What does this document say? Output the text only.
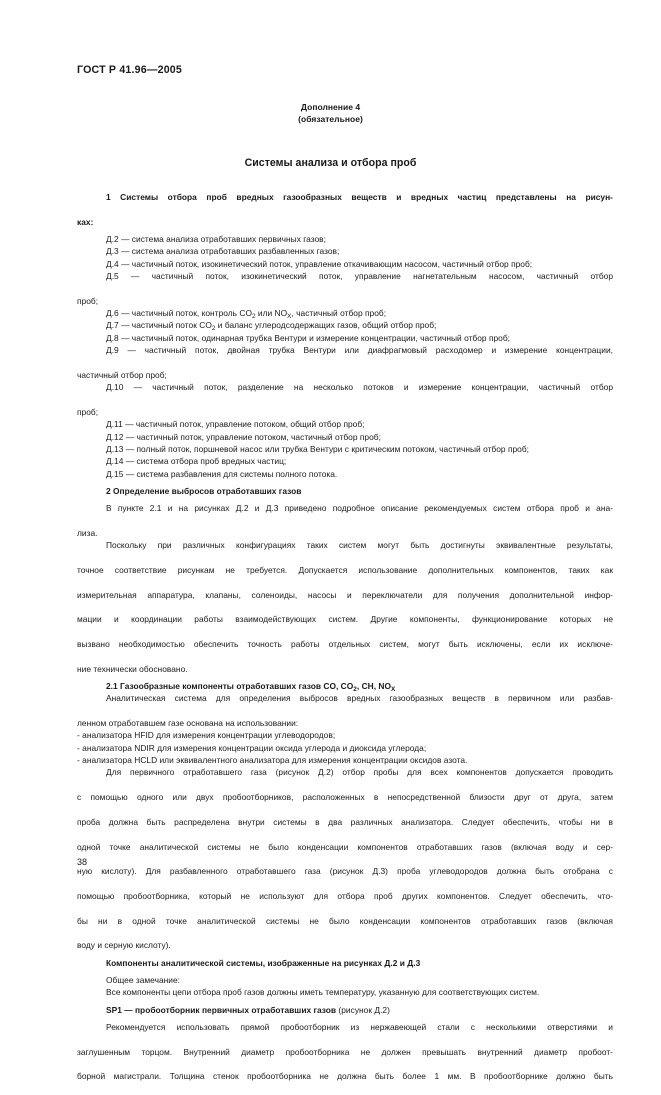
ГОСТ Р 41.96—2005
Дополнение 4
(обязательное)
Системы анализа и отбора проб
1 Системы отбора проб вредных газообразных веществ и вредных частиц представлены на рисун-
ках:
Д.2 — система анализа отработавших первичных газов;
Д.3 — система анализа отработавших разбавленных газов;
Д.4 — частичный поток, изокинетический поток, управление откачивающим насосом, частичный отбор проб;
Д.5 — частичный поток, изокинетический поток, управление нагнетательным насосом, частичный отбор
проб;
Д.6 — частичный поток, контроль $CO_2$ или $NO_X$, частичный отбор проб;
Д.7 — частичный поток $CO_2$ и баланс углеродсодержащих газов, общий отбор проб;
Д.8 — частичный поток, одинарная трубка Вентури и измерение концентрации, частичный отбор проб;
Д.9 — частичный поток, двойная трубка Вентури или диафрагмовый расходомер и измерение концентрации,
частичный отбор проб;
Д.10 — частичный поток, разделение на несколько потоков и измерение концентрации, частичный отбор
проб;
Д.11 — частичный поток, управление потоком, общий отбор проб;
Д.12 — частичный поток, управление потоком, частичный отбор проб;
Д.13 — полный поток, поршневой насос или трубка Вентури с критическим потоком, частичный отбор проб;
Д.14 — система отбора проб вредных частиц;
Д.15 — система разбавления для системы полного потока.
2 Определение выбросов отработавших газов
В пункте 2.1 и на рисунках Д.2 и Д.3 приведено подробное описание рекомендуемых систем отбора проб и ана-
лиза.
Поскольку при различных конфигурациях таких систем могут быть достигнуты эквивалентные результаты,
точное соответствие рисункам не требуется. Допускается использование дополнительных компонентов, таких как
измерительная аппаратура, клапаны, соленоиды, насосы и переключатели для получения дополнительной инфор-
мации и координации работы взаимодействующих систем. Другие компоненты, функционирование которых не
вызвано необходимостью обеспечить точность работы отдельных систем, могут быть исключены, если их исключе-
ние технически обосновано.
2.1 Газообразные компоненты отработавших газов CO, $CO_2$, CH, $NO_X$
Аналитическая система для определения выбросов вредных газообразных веществ в первичном или разбав-
ленном отработавшем газе основана на использовании:
- анализатора HFID для измерения концентрации углеводородов;
- анализатора NDIR для измерения концентрации оксида углерода и диоксида углерода;
- анализатора HCLD или эквивалентного анализатора для измерения концентрации оксидов азота.
Для первичного отработавшего газа (рисунок Д.2) отбор пробы для всех компонентов допускается проводить
с помощью одного или двух пробоотборников, расположенных в непосредственной близости друг от друга, затем
проба должна быть распределена внутри системы в два различных анализатора. Следует обеспечить, чтобы ни в
одной точке аналитической системы не было конденсации компонентов отработавших газов (включая воду и сер-
ную кислоту). Для разбавленного отработавшего газа (рисунок Д.3) проба углеводородов должна быть отобрана с
помощью пробоотборника, который не используют для отбора проб других компонентов. Следует обеспечить, что-
бы ни в одной точке аналитической системы не было конденсации компонентов отработавших газов (включая
воду и серную кислоту).
Компоненты аналитической системы, изображенные на рисунках Д.2 и Д.3
Общее замечание:
Все компоненты цепи отбора проб газов должны иметь температуру, указанную для соответствующих систем.
SP1 — пробоотборник первичных отработавших газов (рисунок Д.2)
Рекомендуется использовать прямой пробоотборник из нержавеющей стали с несколькими отверстиями и
заглушенным торцом. Внутренний диаметр пробоотборника не должен превышать внутренний диаметр пробоот-
борной магистрали. Толщина стенок пробоотборника не должна быть более 1 мм. В пробоотборнике должно быть
38
